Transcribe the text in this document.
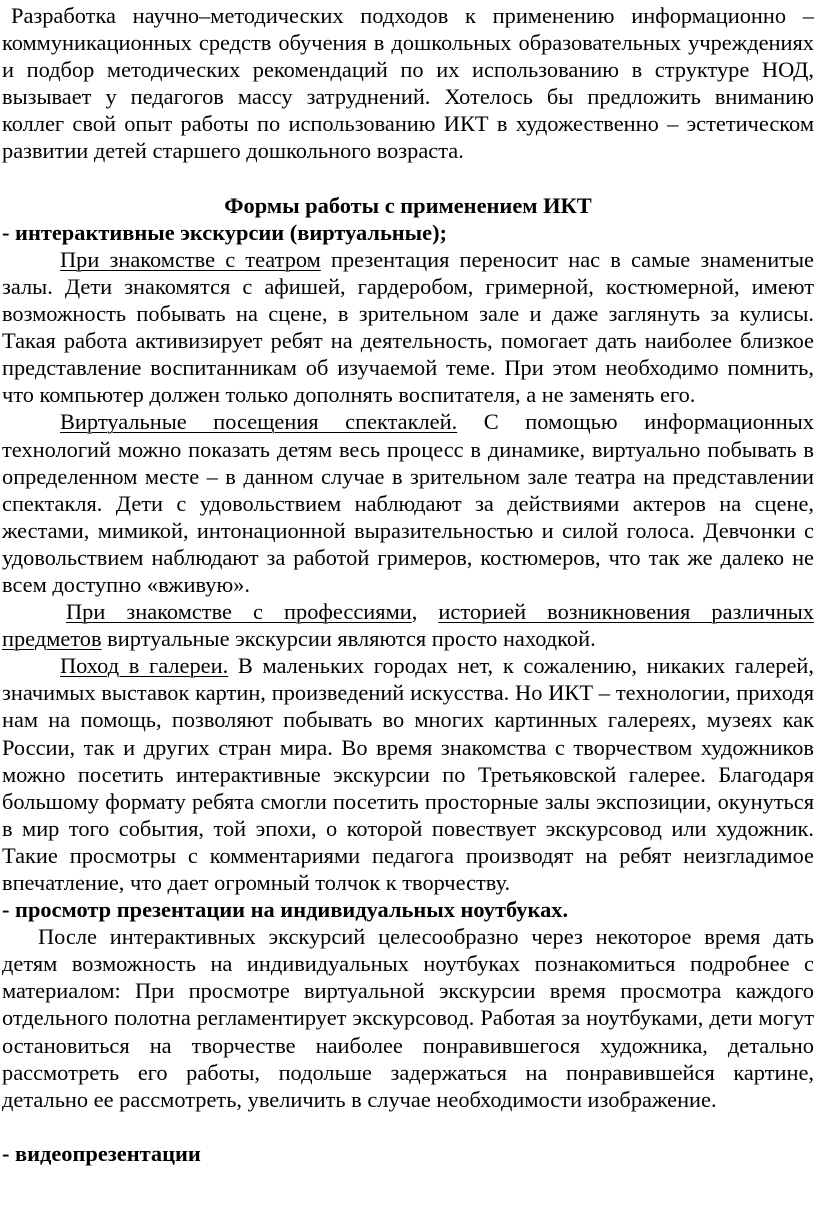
Разработка научно–методических подходов к применению информационно – коммуникационных средств обучения в дошкольных образовательных учреждениях и подбор методических рекомендаций по их использованию в структуре НОД, вызывает у педагогов массу затруднений. Хотелось бы предложить вниманию коллег свой опыт работы по использованию ИКТ в художественно – эстетическом развитии детей старшего дошкольного возраста.

Формы работы с применением ИКТ

- интерактивные экскурсии (виртуальные);

При знакомстве с театром презентация переносит нас в самые знаменитые залы. Дети знакомятся с афишей, гардеробом, гримерной, костюмерной, имеют возможность побывать на сцене, в зрительном зале и даже заглянуть за кулисы. Такая работа активизирует ребят на деятельность, помогает дать наиболее близкое представление воспитанникам об изучаемой теме. При этом необходимо помнить, что компьютер должен только дополнять воспитателя, а не заменять его.

Виртуальные посещения спектаклей. С помощью информационных технологий можно показать детям весь процесс в динамике, виртуально побывать в определенном месте – в данном случае в зрительном зале театра на представлении спектакля. Дети с удовольствием наблюдают за действиями актеров на сцене, жестами, мимикой, интонационной выразительностью и силой голоса. Девчонки с удовольствием наблюдают за работой гримеров, костюмеров, что так же далеко не всем доступно «вживую».

При знакомстве с профессиями, историей возникновения различных предметов виртуальные экскурсии являются просто находкой.

Поход в галереи. В маленьких городах нет, к сожалению, никаких галерей, значимых выставок картин, произведений искусства. Но ИКТ – технологии, приходя нам на помощь, позволяют побывать во многих картинных галереях, музеях как России, так и других стран мира. Во время знакомства с творчеством художников можно посетить интерактивные экскурсии по Третьяковской галерее. Благодаря большому формату ребята смогли посетить просторные залы экспозиции, окунуться в мир того события, той эпохи, о которой повествует экскурсовод или художник. Такие просмотры с комментариями педагога производят на ребят неизгладимое впечатление, что дает огромный толчок к творчеству.

- просмотр презентации на индивидуальных ноутбуках.

После интерактивных экскурсий целесообразно через некоторое время дать детям возможность на индивидуальных ноутбуках познакомиться подробнее с материалом: При просмотре виртуальной экскурсии время просмотра каждого отдельного полотна регламентирует экскурсовод. Работая за ноутбуками, дети могут остановиться на творчестве наиболее понравившегося художника, детально рассмотреть его работы, подольше задержаться на понравившейся картине, детально ее рассмотреть, увеличить в случае необходимости изображение.

- видеопрезентации
